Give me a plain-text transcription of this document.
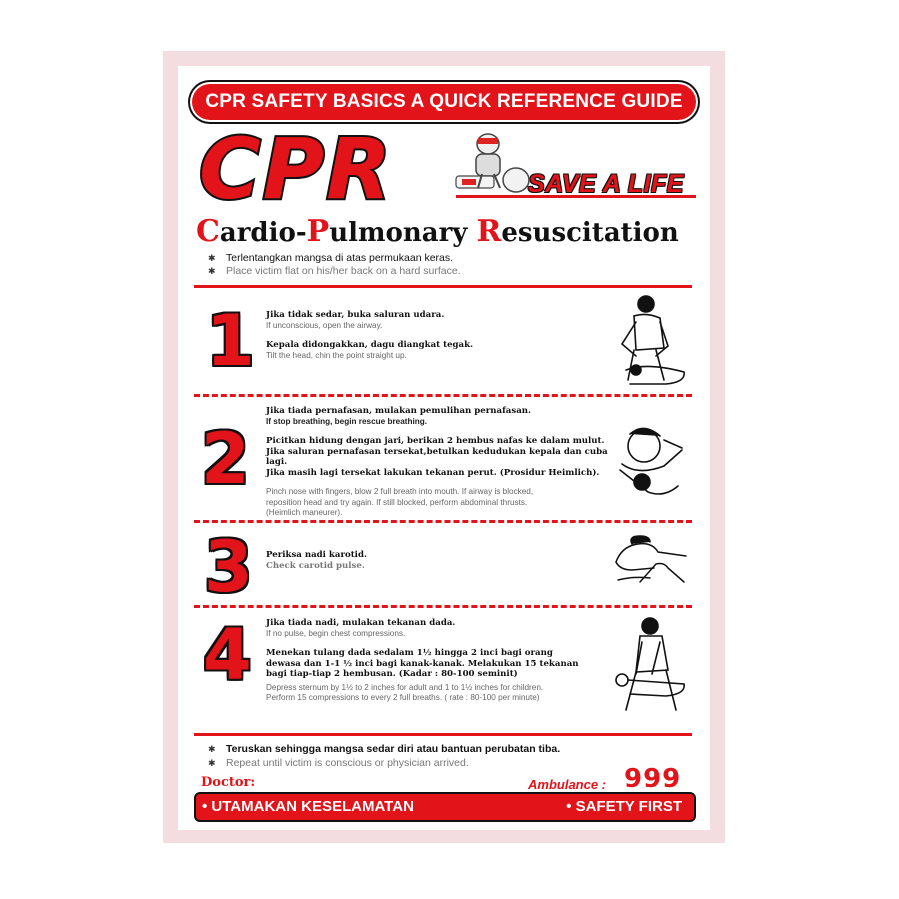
CPR SAFETY BASICS A QUICK REFERENCE GUIDE
CPR	SAVE A LIFE
Cardio-Pulmonary Resuscitation
✱ Terlentangkan mangsa di atas permukaan keras.
✱ Place victim flat on his/her back on a hard surface.
1 Jika tidak sedar, buka saluran udara.
If unconscious, open the airway.
Kepala didongakkan, dagu diangkat tegak.
Tilt the head, chin the point straight up.
2
Jika tiada pernafasan, mulakan pemulihan pernafasan.
If stop breathing, begin rescue breathing.
Picitkan hidung dengan jari, berikan 2 hembus nafas ke dalam mulut.
Jika saluran pernafasan tersekat,betulkan kedudukan kepala dan cuba lagi.
Jika masih lagi tersekat lakukan tekanan perut. (Prosidur Heimlich).
Pinch nose with fingers, blow 2 full breath into mouth. If airway is blocked,
reposition head and try again. If still blocked, perform abdominal thrusts.
(Heimlich maneurer).
3 Periksa nadi karotid.
Check carotid pulse.
4 Jika tiada nadi, mulakan tekanan dada.
If no pulse, begin chest compressions.
Menekan tulang dada sedalam 1½ hingga 2 inci bagi orang
dewasa dan 1-1 ½ inci bagi kanak-kanak. Melakukan 15 tekanan
bagi tiap-tiap 2 hembusan. (Kadar : 80-100 seminit)
Depress sternum by 1½ to 2 inches for adult and 1 to 1½ inches for children.
Perform 15 compressions to every 2 full breaths. ( rate : 80-100 per minute)
✱ Teruskan sehingga mangsa sedar diri atau bantuan perubatan tiba.
✱ Repeat until victim is conscious or physician arrived.
Doctor:	Ambulance : 999
• UTAMAKAN KESELAMATAN	• SAFETY FIRST
